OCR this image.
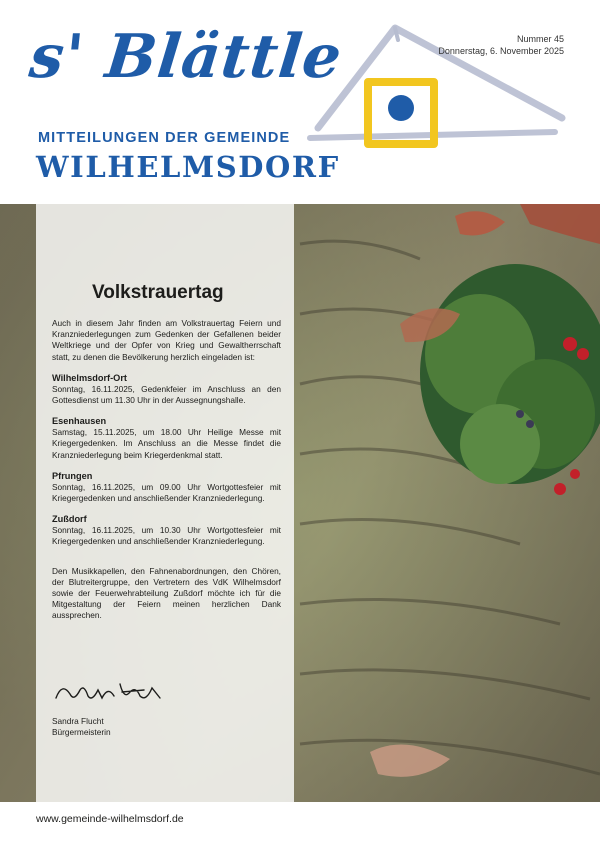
s' Blättle
MITTEILUNGEN DER GEMEINDE
WILHELMSDORF
Nummer 45
Donnerstag, 6. November 2025
Volkstrauertag

Auch in diesem Jahr finden am Volkstrauertag Feiern und Kranzniederlegungen zum Gedenken der Gefallenen beider Weltkriege und der Opfer von Krieg und Gewaltherrschaft statt, zu denen die Bevölkerung herzlich eingeladen ist:

Wilhelmsdorf-Ort
Sonntag, 16.11.2025, Gedenkfeier im Anschluss an den Gottesdienst um 11.30 Uhr in der Aussegnungshalle.
Esenhausen
Samstag, 15.11.2025, um 18.00 Uhr Heilige Messe mit Kriegergedenken. Im Anschluss an die Messe findet die Kranzniederlegung beim Kriegerdenkmal statt.
Pfrungen
Sonntag, 16.11.2025, um 09.00 Uhr Wortgottesfeier mit Kriegergedenken und anschließender Kranzniederlegung.
Zußdorf
Sonntag, 16.11.2025, um 10.30 Uhr Wortgottesfeier mit Kriegergedenken und anschließender Kranzniederlegung.

Den Musikkapellen, den Fahnenabordnungen, den Chören, der Blutreitergruppe, den Vertretern des VdK Wilhelmsdorf sowie der Feuerwehrabteilung Zußdorf möchte ich für die Mitgestaltung der Feiern meinen herzlichen Dank aussprechen.

Sandra Flucht
Bürgermeisterin
www.gemeinde-wilhelmsdorf.de
